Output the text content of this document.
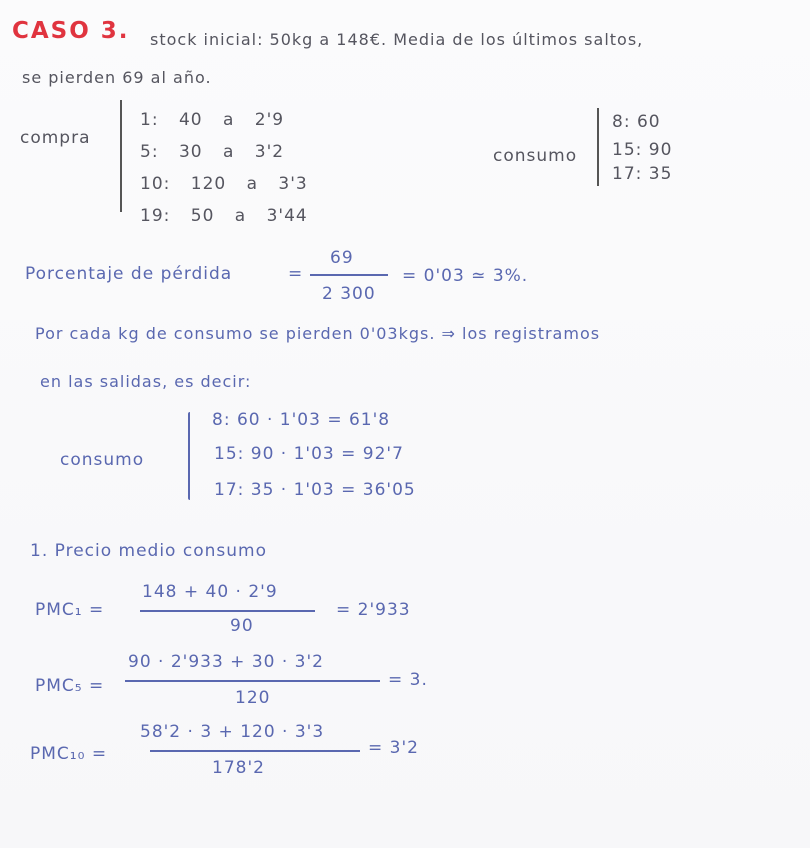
CASO 3. stock inicial: 50kg a 148€. Media de los últimos saltos,
se pierden 69 al año.
compra
1: 40 a 2'9
5: 30 a 3'2
10: 120 a 3'3
19: 50 a 3'44
consumo
8: 60
15: 90
17: 35
Porcentaje de pérdida	=
69
2 300
= 0'03 ≃ 3%.
Por cada kg de consumo se pierden 0'03kgs. ⇒ los registramos
en las salidas, es decir:
consumo
8: 60 · 1'03 = 61'8
15: 90 · 1'03 = 92'7
17: 35 · 1'03 = 36'05
1. Precio medio consumo
PMC₁ =
148 + 40 · 2'9
90
= 2'933
PMC₅ =
90 · 2'933 + 30 · 3'2
120
= 3.
PMC₁₀ =
58'2 · 3 + 120 · 3'3
178'2
= 3'2
